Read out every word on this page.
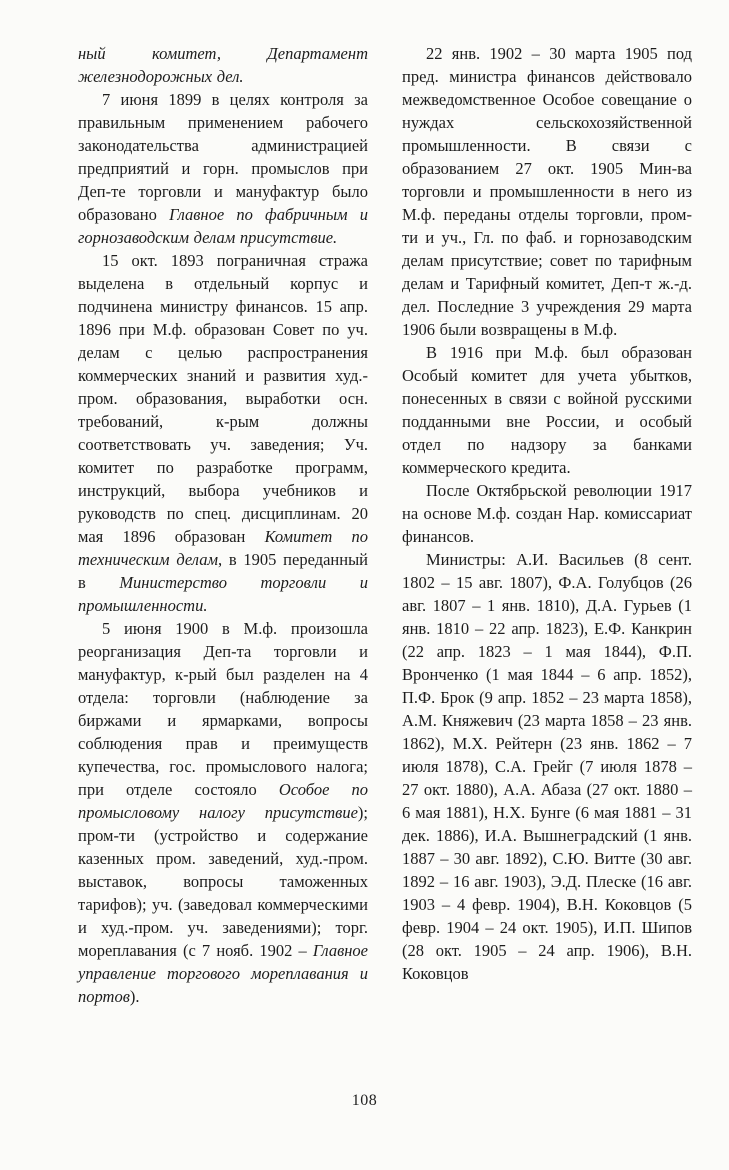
ный комитет, Департамент железнодорожных дел.

7 июня 1899 в целях контроля за правильным применением рабочего законодательства администрацией предприятий и горн. промыслов при Деп-те торговли и мануфактур было образовано Главное по фабричным и горнозаводским делам присутствие.

15 окт. 1893 пограничная стража выделена в отдельный корпус и подчинена министру финансов. 15 апр. 1896 при М.ф. образован Совет по уч. делам с целью распространения коммерческих знаний и развития худ.-пром. образования, выработки осн. требований, к-рым должны соответствовать уч. заведения; Уч. комитет по разработке программ, инструкций, выбора учебников и руководств по спец. дисциплинам. 20 мая 1896 образован Комитет по техническим делам, в 1905 переданный в Министерство торговли и промышленности.

5 июня 1900 в М.ф. произошла реорганизация Деп-та торговли и мануфактур, к-рый был разделен на 4 отдела: торговли (наблюдение за биржами и ярмарками, вопросы соблюдения прав и преимуществ купечества, гос. промыслового налога; при отделе состояло Особое по промысловому налогу присутствие); пром-ти (устройство и содержание казенных пром. заведений, худ.-пром. выставок, вопросы таможенных тарифов); уч. (заведовал коммерческими и худ.-пром. уч. заведениями); торг. мореплавания (с 7 нояб. 1902 – Главное управление торгового мореплавания и портов).

22 янв. 1902 – 30 марта 1905 под пред. министра финансов действовало межведомственное Особое совещание о нуждах сельскохозяйственной промышленности. В связи с образованием 27 окт. 1905 Мин-ва торговли и промышленности в него из М.ф. переданы отделы торговли, пром-ти и уч., Гл. по фаб. и горнозаводским делам присутствие; совет по тарифным делам и Тарифный комитет, Деп-т ж.-д. дел. Последние 3 учреждения 29 марта 1906 были возвращены в М.ф.

В 1916 при М.ф. был образован Особый комитет для учета убытков, понесенных в связи с войной русскими подданными вне России, и особый отдел по надзору за банками коммерческого кредита.

После Октябрьской революции 1917 на основе М.ф. создан Нар. комиссариат финансов.

Министры: А.И. Васильев (8 сент. 1802 – 15 авг. 1807), Ф.А. Голубцов (26 авг. 1807 – 1 янв. 1810), Д.А. Гурьев (1 янв. 1810 – 22 апр. 1823), Е.Ф. Канкрин (22 апр. 1823 – 1 мая 1844), Ф.П. Вронченко (1 мая 1844 – 6 апр. 1852), П.Ф. Брок (9 апр. 1852 – 23 марта 1858), А.М. Княжевич (23 марта 1858 – 23 янв. 1862), М.Х. Рейтерн (23 янв. 1862 – 7 июля 1878), С.А. Грейг (7 июля 1878 – 27 окт. 1880), А.А. Абаза (27 окт. 1880 – 6 мая 1881), Н.Х. Бунге (6 мая 1881 – 31 дек. 1886), И.А. Вышнеградский (1 янв. 1887 – 30 авг. 1892), С.Ю. Витте (30 авг. 1892 – 16 авг. 1903), Э.Д. Плеске (16 авг. 1903 – 4 февр. 1904), В.Н. Коковцов (5 февр. 1904 – 24 окт. 1905), И.П. Шипов (28 окт. 1905 – 24 апр. 1906), В.Н. Коковцов

108
